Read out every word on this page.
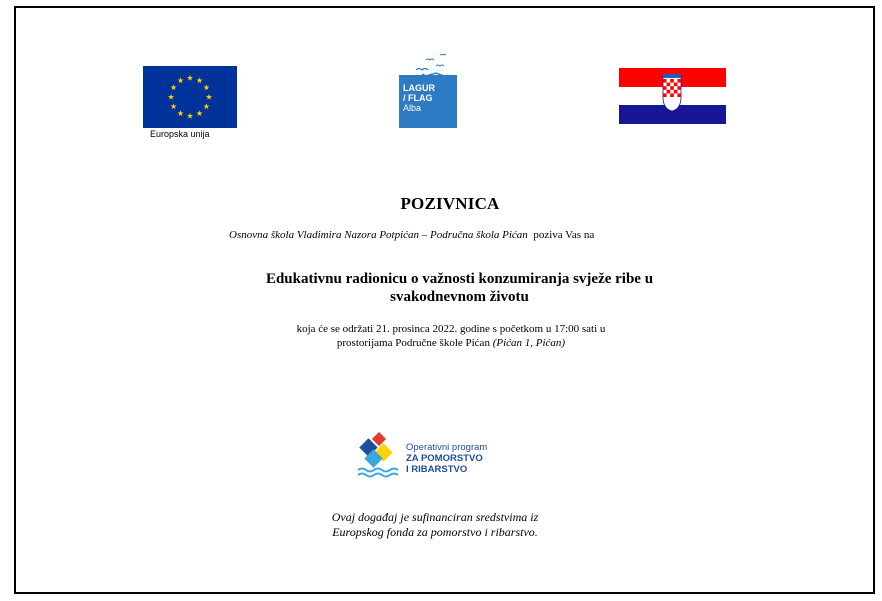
Europska unija
LAGUR
/ FLAG
Alba
POZIVNICA
Osnovna škola Vladimira Nazora Potpićan – Područna škola Pićan  poziva Vas na
Edukativnu radionicu o važnosti konzumiranja svježe ribe u svakodnevnom životu
koja će se održati 21. prosinca 2022. godine s početkom u 17:00 sati u
prostorijama Područne škole Pićan (Pićan 1, Pićan)
Operativni program
ZA POMORSTVO
I RIBARSTVO
Ovaj događaj je sufinanciran sredstvima iz
Europskog fonda za pomorstvo i ribarstvo.
